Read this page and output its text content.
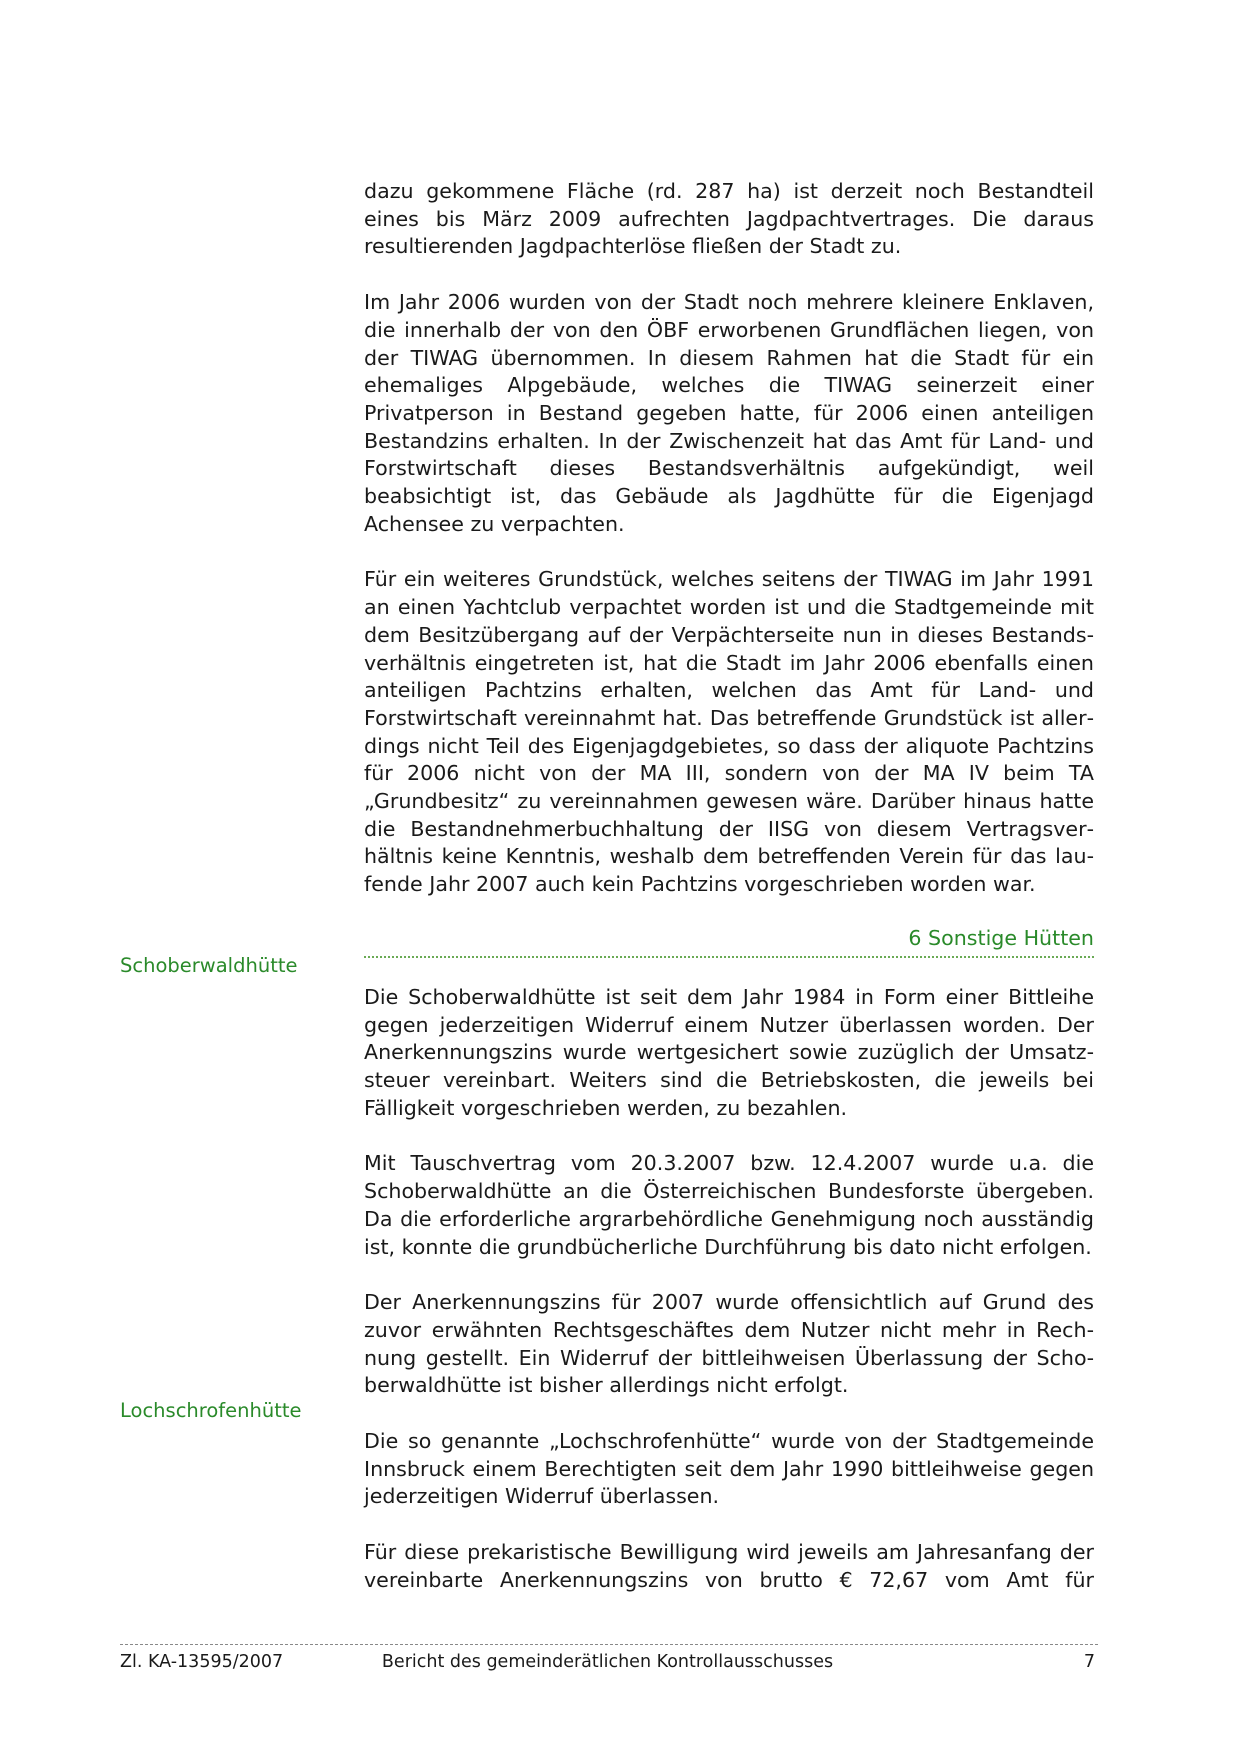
Schoberwaldhütte
Lochschrofenhütte

dazu gekommene Fläche (rd. 287 ha) ist derzeit noch Bestandteil eines bis März 2009 aufrechten Jagdpachtvertrages. Die daraus resultierenden Jagdpachterlöse fließen der Stadt zu.

Im Jahr 2006 wurden von der Stadt noch mehrere kleinere Enklaven, die innerhalb der von den ÖBF erworbenen Grundflächen liegen, von der TIWAG übernommen. In diesem Rahmen hat die Stadt für ein ehemaliges Alpgebäude, welches die TIWAG seinerzeit einer Privatperson in Bestand gegeben hatte, für 2006 einen anteiligen Bestandzins erhalten. In der Zwischenzeit hat das Amt für Land- und Forstwirtschaft dieses Bestandsverhältnis aufgekündigt, weil beabsichtigt ist, das Gebäude als Jagdhütte für die Eigenjagd Achensee zu verpachten.

Für ein weiteres Grundstück, welches seitens der TIWAG im Jahr 1991 an einen Yachtclub verpachtet worden ist und die Stadtgemeinde mit dem Besitzübergang auf der Verpächterseite nun in dieses Bestandsverhältnis eingetreten ist, hat die Stadt im Jahr 2006 ebenfalls einen anteiligen Pachtzins erhalten, welchen das Amt für Land- und Forstwirtschaft vereinnahmt hat. Das betreffende Grundstück ist allerdings nicht Teil des Eigenjagdgebietes, so dass der aliquote Pachtzins für 2006 nicht von der MA III, sondern von der MA IV beim TA „Grundbesitz“ zu vereinnahmen gewesen wäre. Darüber hinaus hatte die Bestandnehmerbuchhaltung der IISG von diesem Vertragsverhältnis keine Kenntnis, weshalb dem betreffenden Verein für das laufende Jahr 2007 auch kein Pachtzins vorgeschrieben worden war.

6 Sonstige Hütten

Die Schoberwaldhütte ist seit dem Jahr 1984 in Form einer Bittleihe gegen jederzeitigen Widerruf einem Nutzer überlassen worden. Der Anerkennungszins wurde wertgesichert sowie zuzüglich der Umsatzsteuer vereinbart. Weiters sind die Betriebskosten, die jeweils bei Fälligkeit vorgeschrieben werden, zu bezahlen.

Mit Tauschvertrag vom 20.3.2007 bzw. 12.4.2007 wurde u.a. die Schoberwaldhütte an die Österreichischen Bundesforste übergeben. Da die erforderliche argrarbehördliche Genehmigung noch ausständig ist, konnte die grundbücherliche Durchführung bis dato nicht erfolgen.

Der Anerkennungszins für 2007 wurde offensichtlich auf Grund des zuvor erwähnten Rechtsgeschäftes dem Nutzer nicht mehr in Rechnung gestellt. Ein Widerruf der bittleihweisen Überlassung der Schoberwaldhütte ist bisher allerdings nicht erfolgt.

Die so genannte „Lochschrofenhütte“ wurde von der Stadtgemeinde Innsbruck einem Berechtigten seit dem Jahr 1990 bittleihweise gegen jederzeitigen Widerruf überlassen.

Für diese prekaristische Bewilligung wird jeweils am Jahresanfang der vereinbarte Anerkennungszins von brutto € 72,67 vom Amt für

Zl. KA-13595/2007	Bericht des gemeinderätlichen Kontrollausschusses	7
